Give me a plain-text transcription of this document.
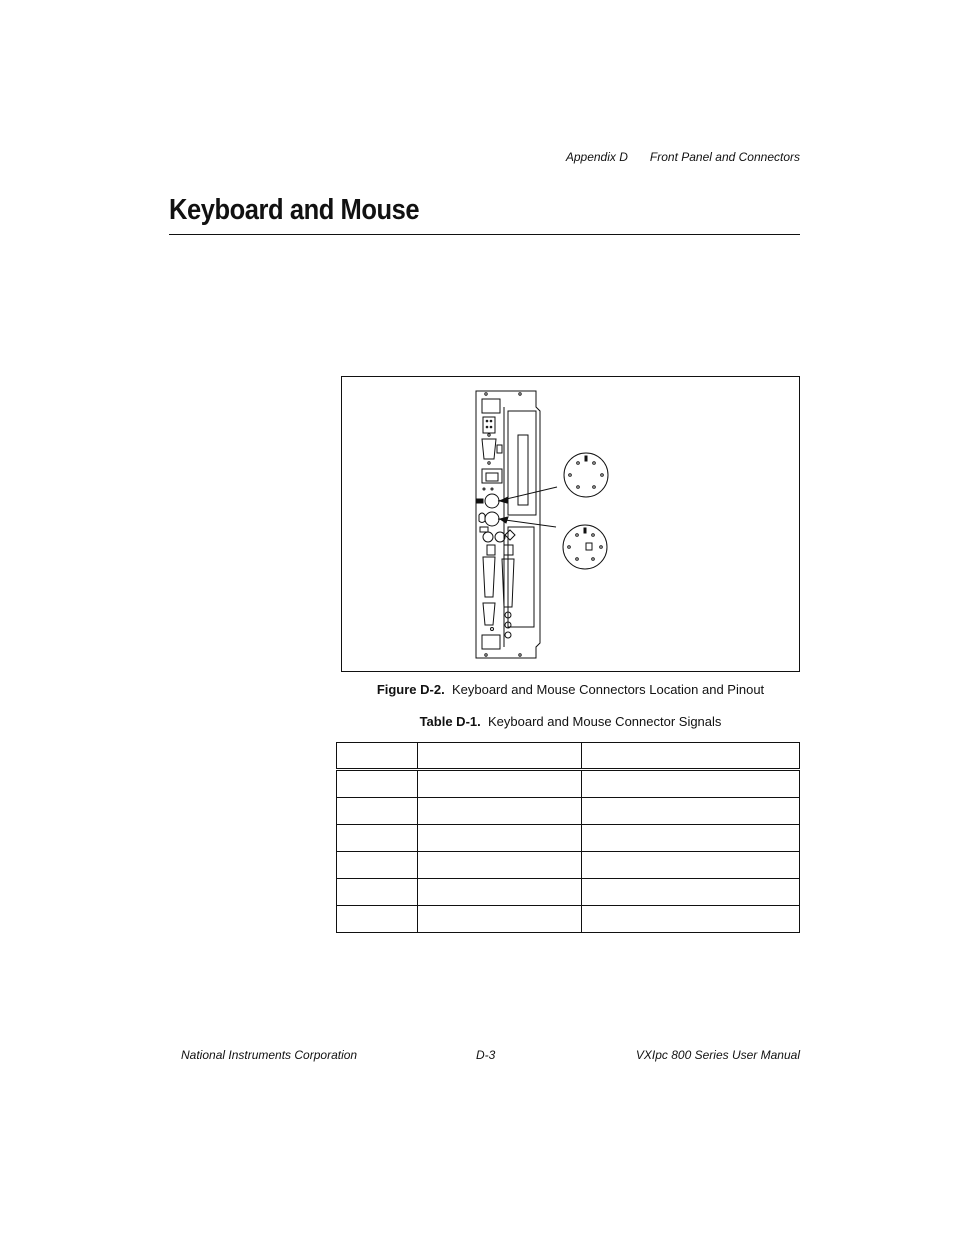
Appendix D Front Panel and Connectors
Keyboard and Mouse
Figure D-2. Keyboard and Mouse Connectors Location and Pinout
Table D-1. Keyboard and Mouse Connector Signals

National Instruments Corporation	D-3	VXIpc 800 Series User Manual
